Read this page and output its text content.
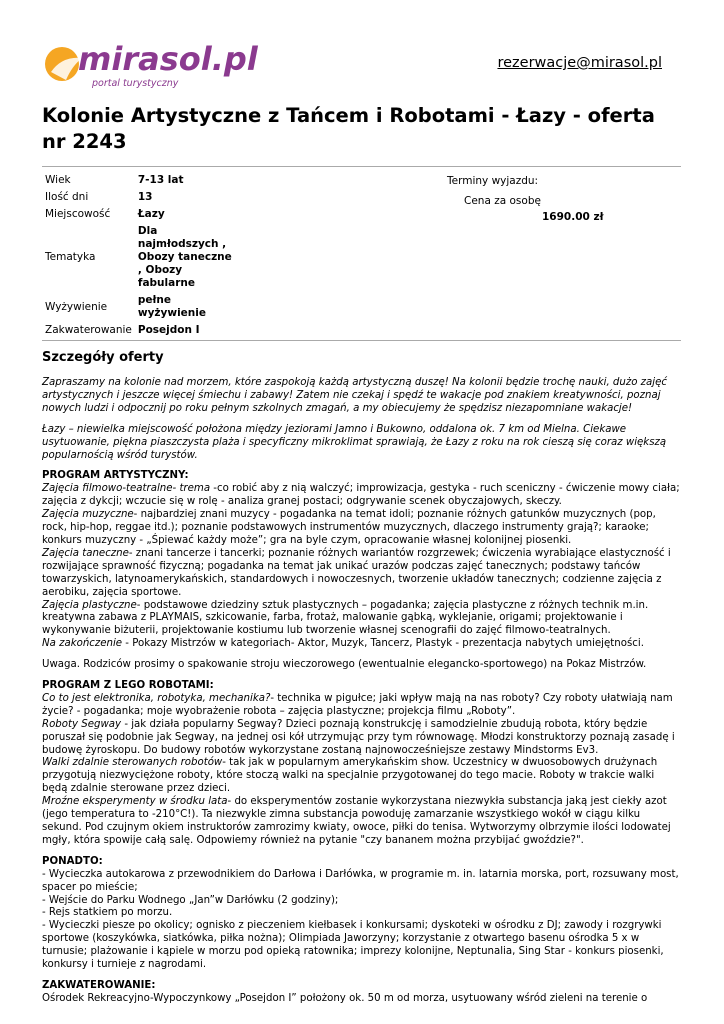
mirasol.pl
portal turystyczny
rezerwacje@mirasol.pl
Kolonie Artystyczne z Tańcem i Robotami - Łazy - oferta nr 2243
Wiek	7-13 lat
Ilość dni	13
Miejscowość	Łazy
Tematyka	Dla najmłodszych , Obozy taneczne , Obozy fabularne
Wyżywienie	pełne wyżywienie
Zakwaterowanie	Posejdon I
Terminy wyjazdu:
Cena za osobę
1690.00 zł
Szczegóły oferty

Zapraszamy na kolonie nad morzem, które zaspokoją każdą artystyczną duszę! Na kolonii będzie trochę nauki, dużo zajęć artystycznych i jeszcze więcej śmiechu i zabawy! Zatem nie czekaj i spędź te wakacje pod znakiem kreatywności, poznaj nowych ludzi i odpocznij po roku pełnym szkolnych zmagań, a my obiecujemy że spędzisz niezapomniane wakacje!

Łazy – niewielka miejscowość położona między jeziorami Jamno i Bukowno, oddalona ok. 7 km od Mielna. Ciekawe usytuowanie, piękna piaszczysta plaża i specyficzny mikroklimat sprawiają, że Łazy z roku na rok cieszą się coraz większą popularnością wśród turystów.

PROGRAM ARTYSTYCZNY:
Zajęcia filmowo-teatralne- trema -co robić aby z nią walczyć; improwizacja, gestyka - ruch sceniczny - ćwiczenie mowy ciała; zajęcia z dykcji; wczucie się w rolę - analiza granej postaci; odgrywanie scenek obyczajowych, skeczy.
Zajęcia muzyczne- najbardziej znani muzycy - pogadanka na temat idoli; poznanie różnych gatunków muzycznych (pop, rock, hip-hop, reggae itd.); poznanie podstawowych instrumentów muzycznych, dlaczego instrumenty grają?; karaoke; konkurs muzyczny - „Śpiewać każdy może”; gra na byle czym, opracowanie własnej kolonijnej piosenki.
Zajęcia taneczne- znani tancerze i tancerki; poznanie różnych wariantów rozgrzewek; ćwiczenia wyrabiające elastyczność i rozwijające sprawność fizyczną; pogadanka na temat jak unikać urazów podczas zajęć tanecznych; podstawy tańców towarzyskich, latynoamerykańskich, standardowych i nowoczesnych, tworzenie układów tanecznych; codzienne zajęcia z aerobiku, zajęcia sportowe.
Zajęcia plastyczne- podstawowe dziedziny sztuk plastycznych – pogadanka; zajęcia plastyczne z różnych technik m.in. kreatywna zabawa z PLAYMAIS, szkicowanie, farba, frotaż, malowanie gąbką, wyklejanie, origami; projektowanie i wykonywanie biżuterii, projektowanie kostiumu lub tworzenie własnej scenografii do zajęć filmowo-teatralnych.
Na zakończenie - Pokazy Mistrzów w kategoriach- Aktor, Muzyk, Tancerz, Plastyk - prezentacja nabytych umiejętności.

Uwaga. Rodziców prosimy o spakowanie stroju wieczorowego (ewentualnie elegancko-sportowego) na Pokaz Mistrzów.

PROGRAM Z LEGO ROBOTAMI:
Co to jest elektronika, robotyka, mechanika?- technika w pigułce; jaki wpływ mają na nas roboty? Czy roboty ułatwiają nam życie? - pogadanka; moje wyobrażenie robota – zajęcia plastyczne; projekcja filmu „Roboty”.
Roboty Segway - jak działa popularny Segway? Dzieci poznają konstrukcję i samodzielnie zbudują robota, który będzie poruszał się podobnie jak Segway, na jednej osi kół utrzymując przy tym równowagę. Młodzi konstruktorzy poznają zasadę i budowę żyroskopu. Do budowy robotów wykorzystane zostaną najnowocześniejsze zestawy Mindstorms Ev3.
Walki zdalnie sterowanych robotów- tak jak w popularnym amerykańskim show. Uczestnicy w dwuosobowych drużynach przygotują niezwyciężone roboty, które stoczą walki na specjalnie przygotowanej do tego macie. Roboty w trakcie walki będą zdalnie sterowane przez dzieci.
Mroźne eksperymenty w środku lata- do eksperymentów zostanie wykorzystana niezwykła substancja jaką jest ciekły azot (jego temperatura to -210°C!). Ta niezwykle zimna substancja powoduję zamarzanie wszystkiego wokół w ciągu kilku sekund. Pod czujnym okiem instruktorów zamrozimy kwiaty, owoce, piłki do tenisa. Wytworzymy olbrzymie ilości lodowatej mgły, która spowije całą salę. Odpowiemy również na pytanie "czy bananem można przybijać gwoździe?".
PONADTO:
- Wycieczka autokarowa z przewodnikiem do Darłowa i Darłówka, w programie m. in. latarnia morska, port, rozsuwany most, spacer po mieście;
- Wejście do Parku Wodnego „Jan”w Darłówku (2 godziny);
- Rejs statkiem po morzu.
- Wycieczki piesze po okolicy; ognisko z pieczeniem kiełbasek i konkursami; dyskoteki w ośrodku z DJ; zawody i rozgrywki sportowe (koszykówka, siatkówka, piłka nożna); Olimpiada Jaworzyny; korzystanie z otwartego basenu ośrodka 5 x w turnusie; plażowanie i kąpiele w morzu pod opieką ratownika; imprezy kolonijne, Neptunalia, Sing Star - konkurs piosenki, konkursy i turnieje z nagrodami.
ZAKWATEROWANIE:
Ośrodek Rekreacyjno-Wypoczynkowy „Posejdon I” położony ok. 50 m od morza, usytuowany wśród zieleni na terenie o
